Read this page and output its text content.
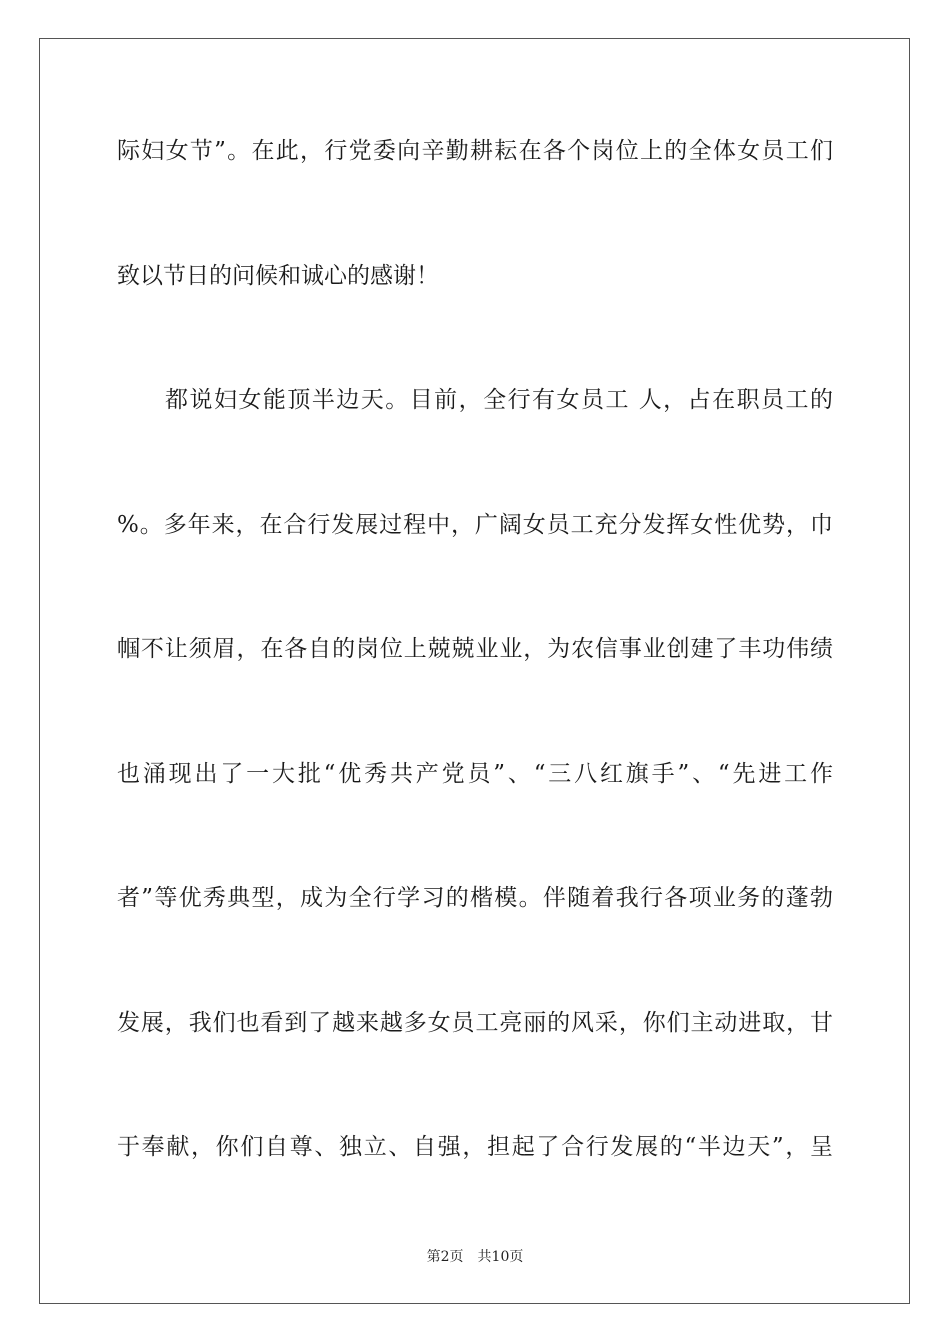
际妇女节”。在此，行党委向辛勤耕耘在各个岗位上的全体女员工们
致以节日的问候和诚心的感谢！
都说妇女能顶半边天。目前，全行有女员工 人，占在职员工的
%。多年来，在合行发展过程中，广阔女员工充分发挥女性优势，巾
帼不让须眉，在各自的岗位上兢兢业业，为农信事业创建了丰功伟绩
也涌现出了一大批“优秀共产党员”、“三八红旗手”、“先进工作
者”等优秀典型，成为全行学习的楷模。伴随着我行各项业务的蓬勃
发展，我们也看到了越来越多女员工亮丽的风采，你们主动进取，甘
于奉献，你们自尊、独立、自强，担起了合行发展的“半边天”，呈
第2页 共10页
